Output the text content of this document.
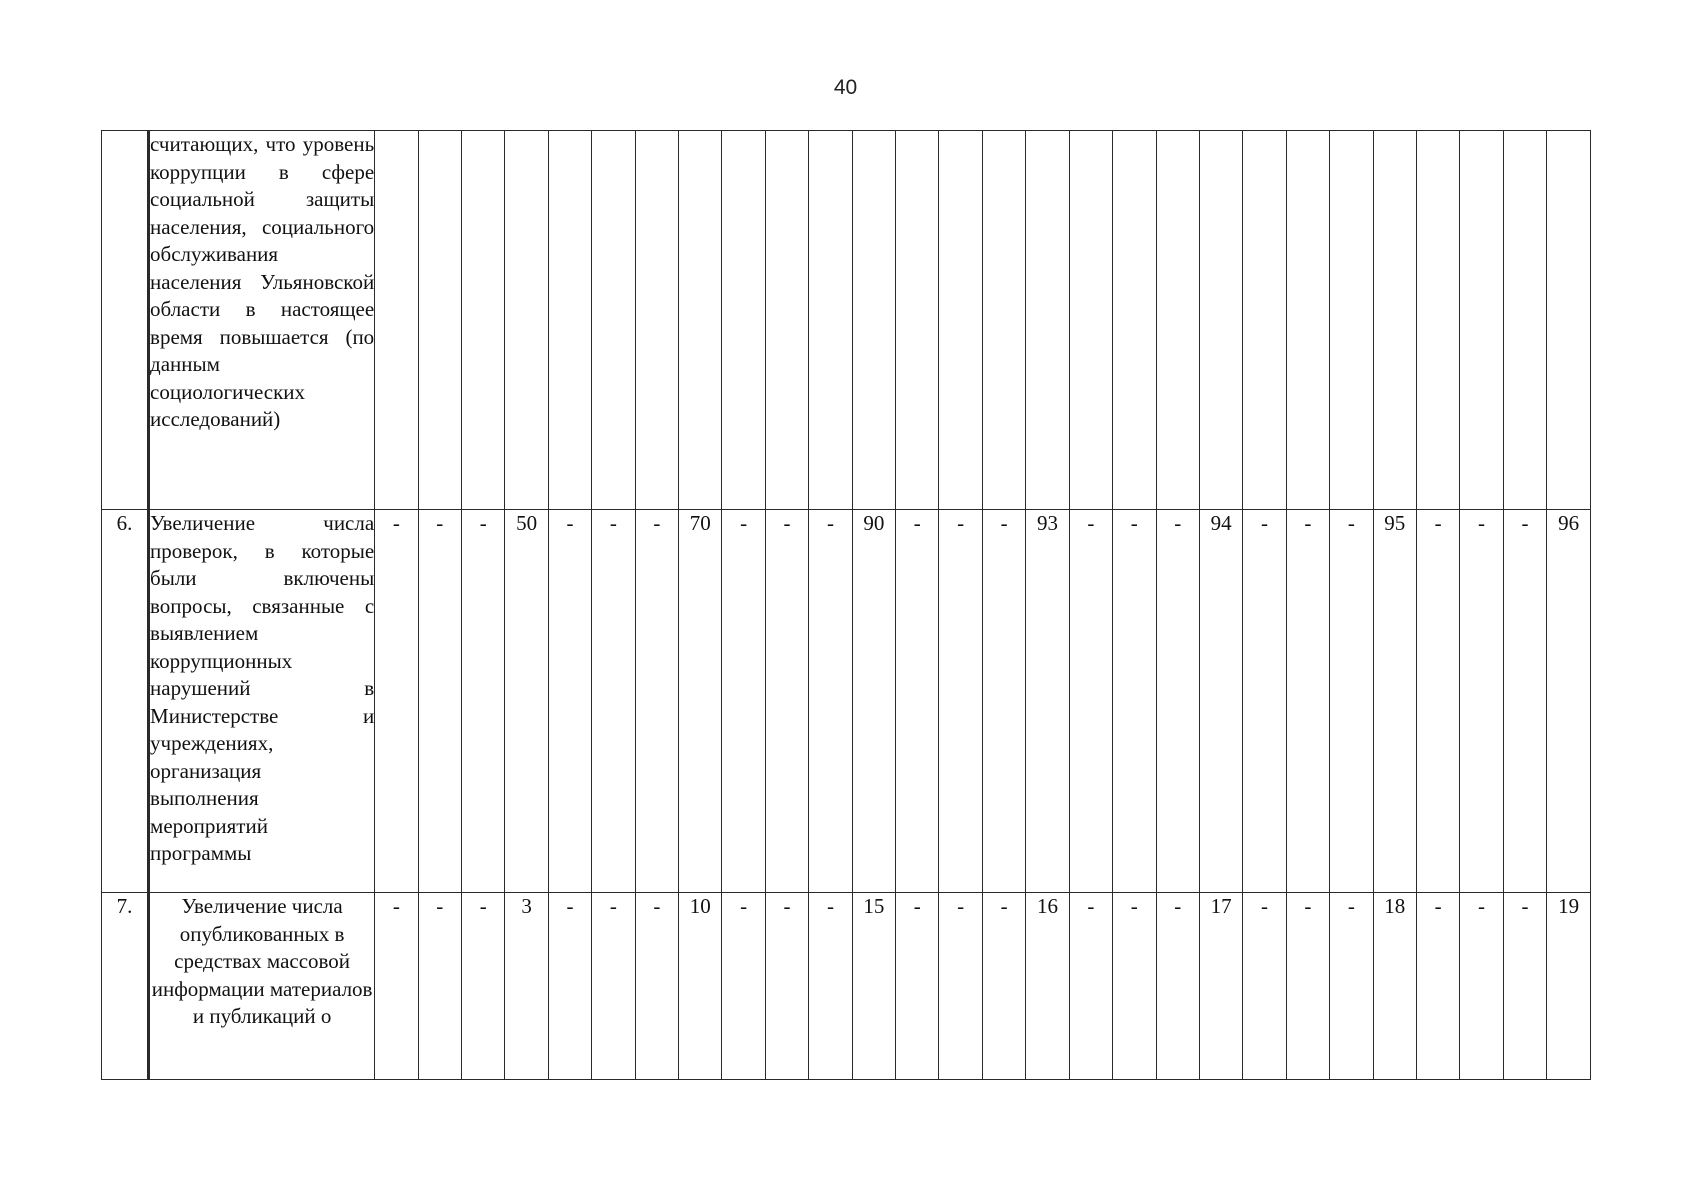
40
	считающих, что уровень коррупции в сфере социальной защиты населения, социального обслуживания населения Ульяновской области в настоящее время повышается (по данным социологических исследований)																												
6.	Увеличение числа проверок, в которые были включены вопросы, связанные с выявлением коррупционных нарушений в Министерстве и учреждениях, организация выполнения мероприятий программы	-	-	-	50	-	-	-	70	-	-	-	90	-	-	-	93	-	-	-	94	-	-	-	95	-	-	-	96
7.	Увеличение числа опубликованных в средствах массовой информации материалов и публикаций о	-	-	-	3	-	-	-	10	-	-	-	15	-	-	-	16	-	-	-	17	-	-	-	18	-	-	-	19
